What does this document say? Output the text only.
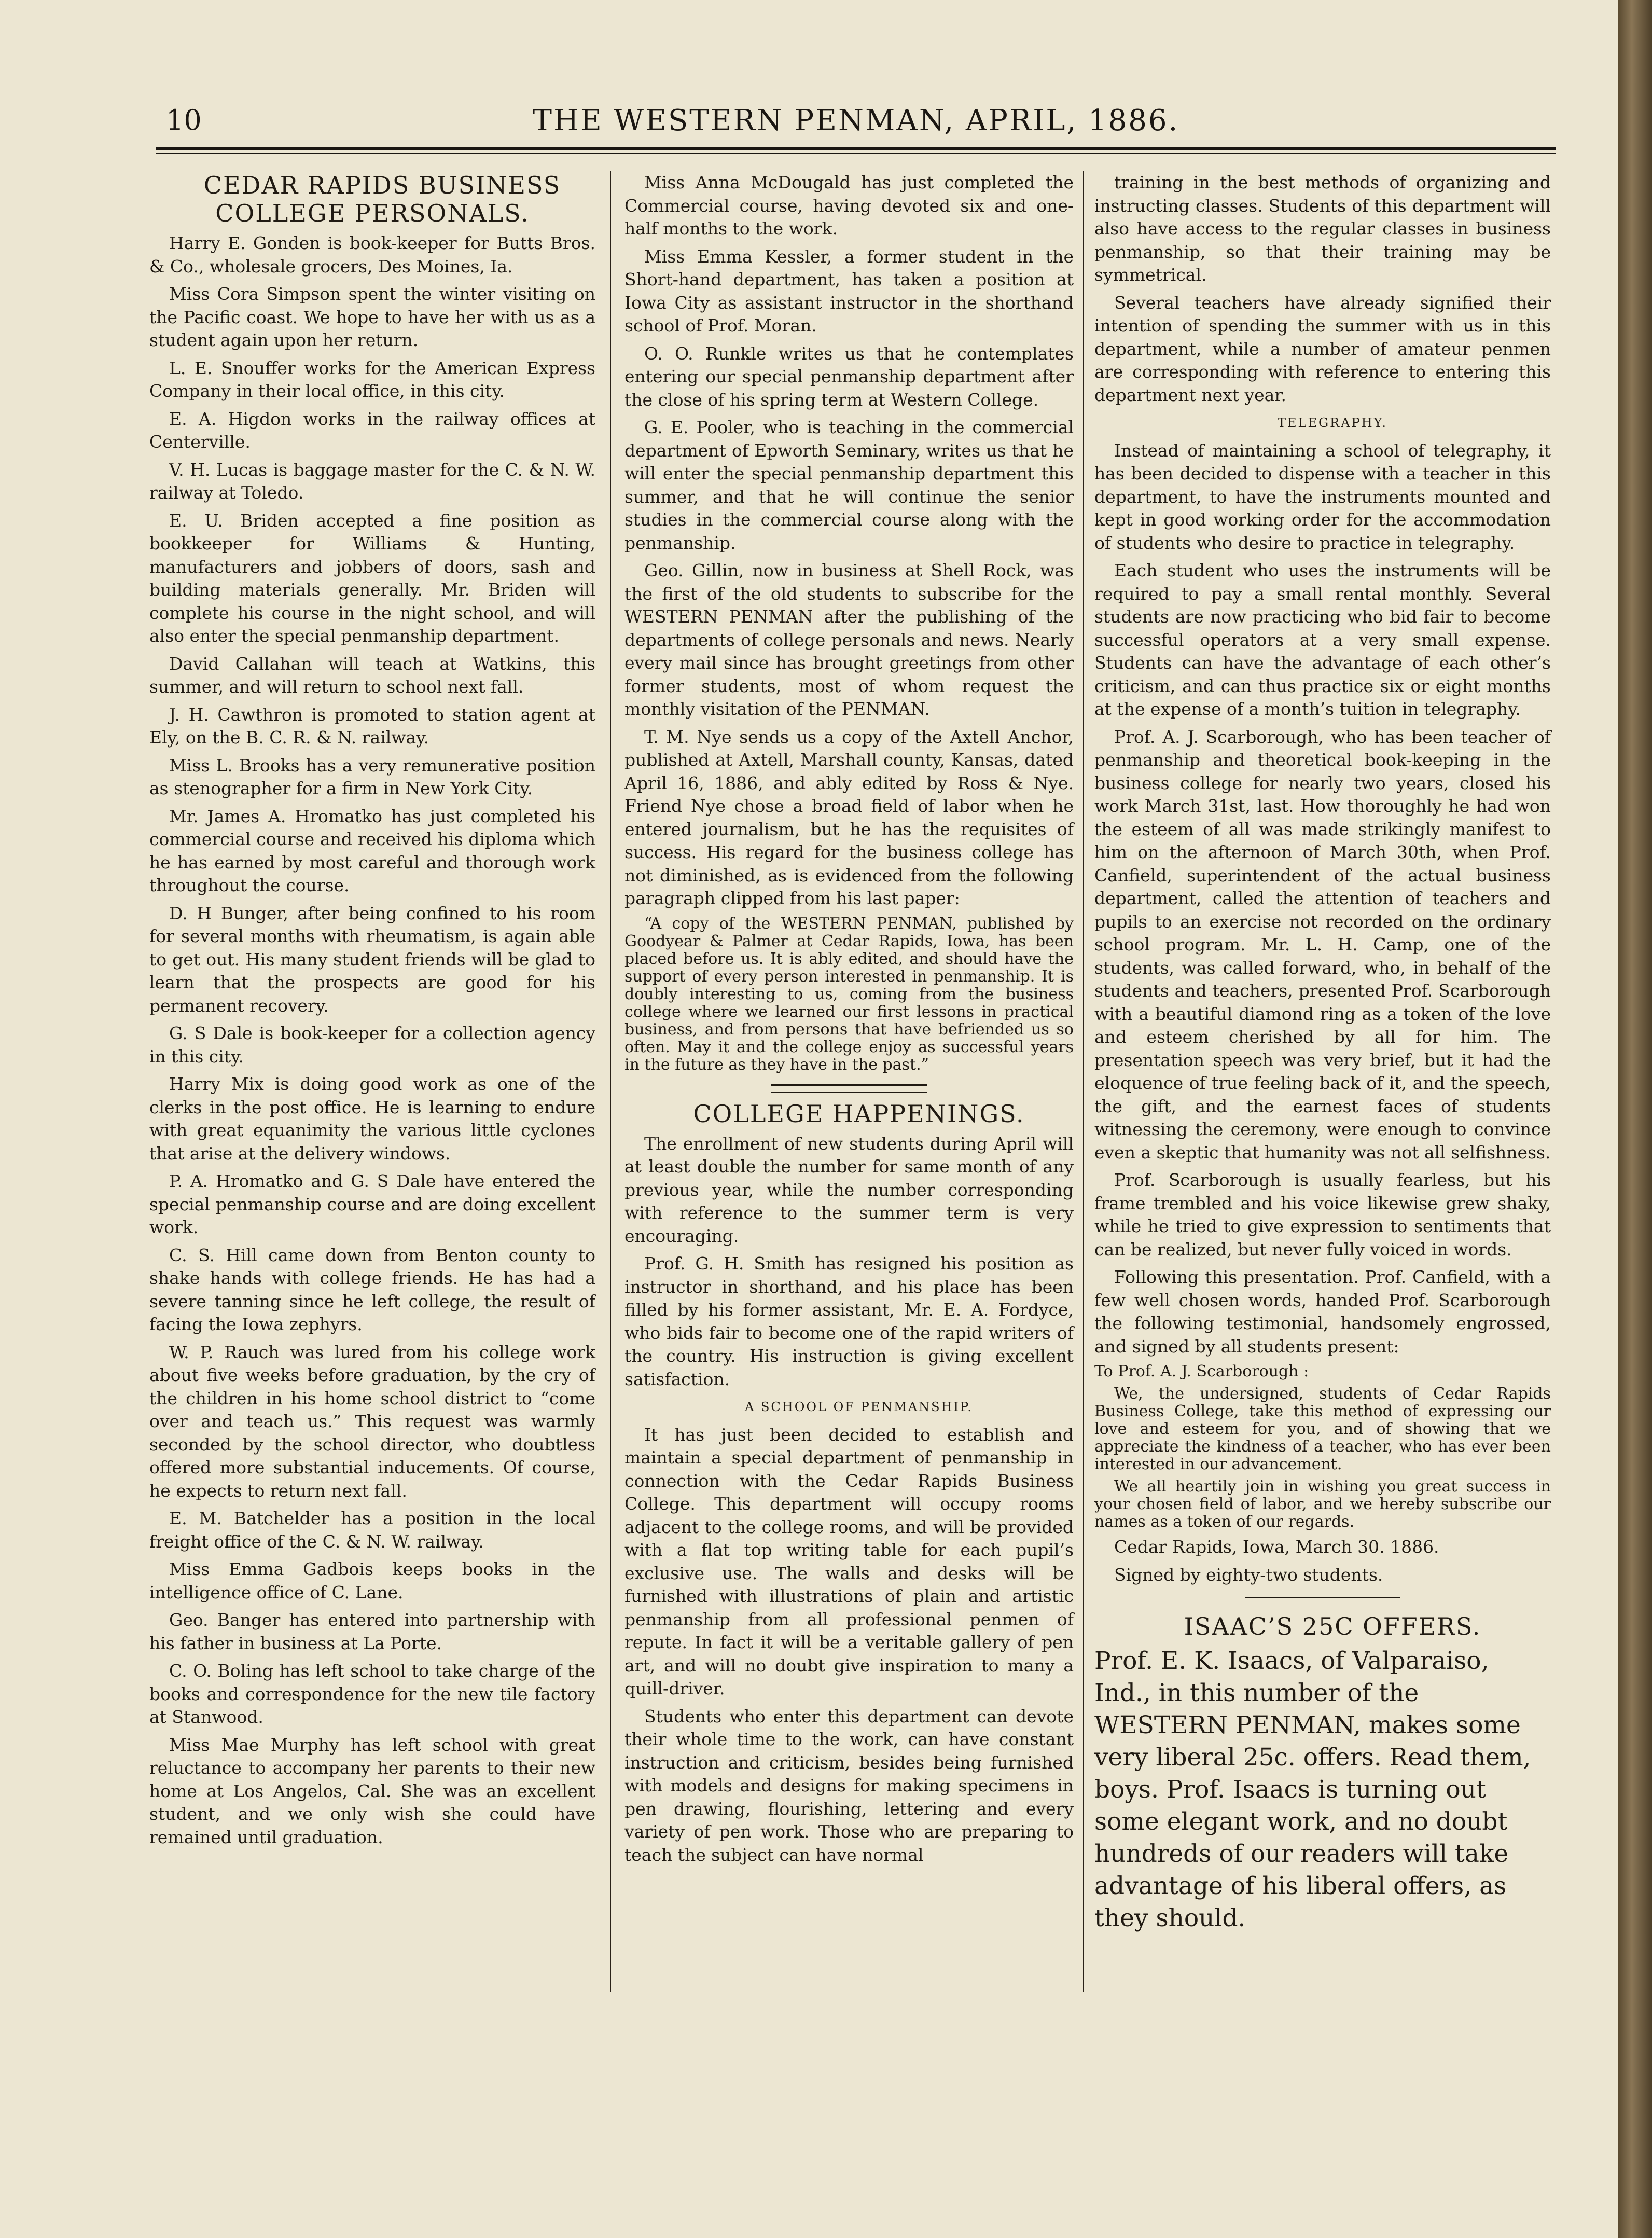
10	THE WESTERN PENMAN, APRIL, 1886.

CEDAR RAPIDS BUSINESS COLLEGE PERSONALS.

Harry E. Gonden is book-keeper for Butts Bros. & Co., wholesale grocers, Des Moines, Ia.

Miss Cora Simpson spent the winter visiting on the Pacific coast. We hope to have her with us as a student again upon her return.

L. E. Snouffer works for the American Express Company in their local office, in this city.

E. A. Higdon works in the railway offices at Centerville.

V. H. Lucas is baggage master for the C. & N. W. railway at Toledo.

E. U. Briden accepted a fine position as bookkeeper for Williams & Hunting, manufacturers and jobbers of doors, sash and building materials generally. Mr. Briden will complete his course in the night school, and will also enter the special penmanship department.

David Callahan will teach at Watkins, this summer, and will return to school next fall.

J. H. Cawthron is promoted to station agent at Ely, on the B. C. R. & N. railway.

Miss L. Brooks has a very remunerative position as stenographer for a firm in New York City.

Mr. James A. Hromatko has just completed his commercial course and received his diploma which he has earned by most careful and thorough work throughout the course.

D. H Bunger, after being confined to his room for several months with rheumatism, is again able to get out. His many student friends will be glad to learn that the prospects are good for his permanent recovery.

G. S Dale is book-keeper for a collection agency in this city.

Harry Mix is doing good work as one of the clerks in the post office. He is learning to endure with great equanimity the various little cyclones that arise at the delivery windows.

P. A. Hromatko and G. S Dale have entered the special penmanship course and are doing excellent work.

C. S. Hill came down from Benton county to shake hands with college friends. He has had a severe tanning since he left college, the result of facing the Iowa zephyrs.

W. P. Rauch was lured from his college work about five weeks before graduation, by the cry of the children in his home school district to “come over and teach us.” This request was warmly seconded by the school director, who doubtless offered more substantial inducements. Of course, he expects to return next fall.

E. M. Batchelder has a position in the local freight office of the C. & N. W. railway.

Miss Emma Gadbois keeps books in the intelligence office of C. Lane.

Geo. Banger has entered into partnership with his father in business at La Porte.

C. O. Boling has left school to take charge of the books and correspondence for the new tile factory at Stanwood.

Miss Mae Murphy has left school with great reluctance to accompany her parents to their new home at Los Angelos, Cal. She was an excellent student, and we only wish she could have remained until graduation.

Miss Anna McDougald has just completed the Commercial course, having devoted six and one-half months to the work.

Miss Emma Kessler, a former student in the Short-hand department, has taken a position at Iowa City as assistant instructor in the shorthand school of Prof. Moran.

O. O. Runkle writes us that he contemplates entering our special penmanship department after the close of his spring term at Western College.

G. E. Pooler, who is teaching in the commercial department of Epworth Seminary, writes us that he will enter the special penmanship department this summer, and that he will continue the senior studies in the commercial course along with the penmanship.

Geo. Gillin, now in business at Shell Rock, was the first of the old students to subscribe for the WESTERN PENMAN after the publishing of the departments of college personals and news. Nearly every mail since has brought greetings from other former students, most of whom request the monthly visitation of the PENMAN.

T. M. Nye sends us a copy of the Axtell Anchor, published at Axtell, Marshall county, Kansas, dated April 16, 1886, and ably edited by Ross & Nye. Friend Nye chose a broad field of labor when he entered journalism, but he has the requisites of success. His regard for the business college has not diminished, as is evidenced from the following paragraph clipped from his last paper:

“A copy of the WESTERN PENMAN, published by Goodyear & Palmer at Cedar Rapids, Iowa, has been placed before us. It is ably edited, and should have the support of every person interested in penmanship. It is doubly interesting to us, coming from the business college where we learned our first lessons in practical business, and from persons that have befriended us so often. May it and the college enjoy as successful years in the future as they have in the past.”

COLLEGE HAPPENINGS.

The enrollment of new students during April will at least double the number for same month of any previous year, while the number corresponding with reference to the summer term is very encouraging.

Prof. G. H. Smith has resigned his position as instructor in shorthand, and his place has been filled by his former assistant, Mr. E. A. Fordyce, who bids fair to become one of the rapid writers of the country. His instruction is giving excellent satisfaction.

A SCHOOL OF PENMANSHIP.

It has just been decided to establish and maintain a special department of penmanship in connection with the Cedar Rapids Business College. This department will occupy rooms adjacent to the college rooms, and will be provided with a flat top writing table for each pupil’s exclusive use. The walls and desks will be furnished with illustrations of plain and artistic penmanship from all professional penmen of repute. In fact it will be a veritable gallery of pen art, and will no doubt give inspiration to many a quill-driver.

Students who enter this department can devote their whole time to the work, can have constant instruction and criticism, besides being furnished with models and designs for making specimens in pen drawing, flourishing, lettering and every variety of pen work. Those who are preparing to teach the subject can have normal

training in the best methods of organizing and instructing classes. Students of this department will also have access to the regular classes in business penmanship, so that their training may be symmetrical.

Several teachers have already signified their intention of spending the summer with us in this department, while a number of amateur penmen are corresponding with reference to entering this department next year.

TELEGRAPHY.

Instead of maintaining a school of telegraphy, it has been decided to dispense with a teacher in this department, to have the instruments mounted and kept in good working order for the accommodation of students who desire to practice in telegraphy.

Each student who uses the instruments will be required to pay a small rental monthly. Several students are now practicing who bid fair to become successful operators at a very small expense. Students can have the advantage of each other’s criticism, and can thus practice six or eight months at the expense of a month’s tuition in telegraphy.

Prof. A. J. Scarborough, who has been teacher of penmanship and theoretical book-keeping in the business college for nearly two years, closed his work March 31st, last. How thoroughly he had won the esteem of all was made strikingly manifest to him on the afternoon of March 30th, when Prof. Canfield, superintendent of the actual business department, called the attention of teachers and pupils to an exercise not recorded on the ordinary school program. Mr. L. H. Camp, one of the students, was called forward, who, in behalf of the students and teachers, presented Prof. Scarborough with a beautiful diamond ring as a token of the love and esteem cherished by all for him. The presentation speech was very brief, but it had the eloquence of true feeling back of it, and the speech, the gift, and the earnest faces of students witnessing the ceremony, were enough to convince even a skeptic that humanity was not all selfishness.

Prof. Scarborough is usually fearless, but his frame trembled and his voice likewise grew shaky, while he tried to give expression to sentiments that can be realized, but never fully voiced in words.

Following this presentation. Prof. Canfield, with a few well chosen words, handed Prof. Scarborough the following testimonial, handsomely engrossed, and signed by all students present:

To Prof. A. J. Scarborough :

We, the undersigned, students of Cedar Rapids Business College, take this method of expressing our love and esteem for you, and of showing that we appreciate the kindness of a teacher, who has ever been interested in our advancement.

We all heartily join in wishing you great success in your chosen field of labor, and we hereby subscribe our names as a token of our regards.

Cedar Rapids, Iowa, March 30. 1886.

Signed by eighty-two students.

ISAAC’S 25C OFFERS.

Prof. E. K. Isaacs, of Valparaiso, Ind., in this number of the WESTERN PENMAN, makes some very liberal 25c. offers. Read them, boys. Prof. Isaacs is turning out some elegant work, and no doubt hundreds of our readers will take advantage of his liberal offers, as they should.
